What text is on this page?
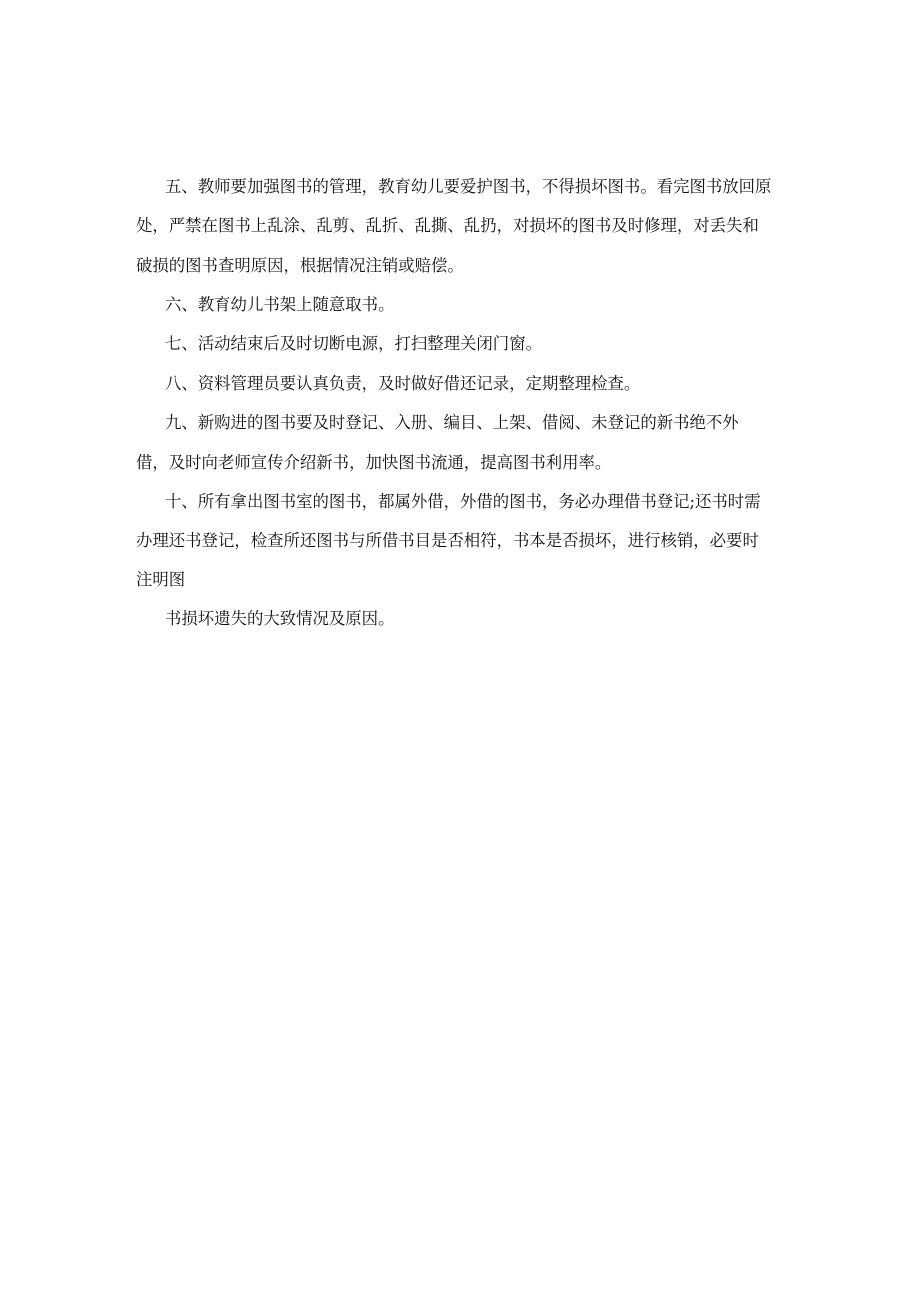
五、教师要加强图书的管理，教育幼儿要爱护图书，不得损坏图书。看完图书放回原
处，严禁在图书上乱涂、乱剪、乱折、乱撕、乱扔，对损坏的图书及时修理，对丢失和
破损的图书查明原因，根据情况注销或赔偿。
六、教育幼儿书架上随意取书。
七、活动结束后及时切断电源，打扫整理关闭门窗。
八、资料管理员要认真负责，及时做好借还记录，定期整理检查。
九、新购进的图书要及时登记、入册、编目、上架、借阅、未登记的新书绝不外
借，及时向老师宣传介绍新书，加快图书流通，提高图书利用率。
十、所有拿出图书室的图书，都属外借，外借的图书，务必办理借书登记;还书时需
办理还书登记，检查所还图书与所借书目是否相符，书本是否损坏，进行核销，必要时
注明图
书损坏遗失的大致情况及原因。
